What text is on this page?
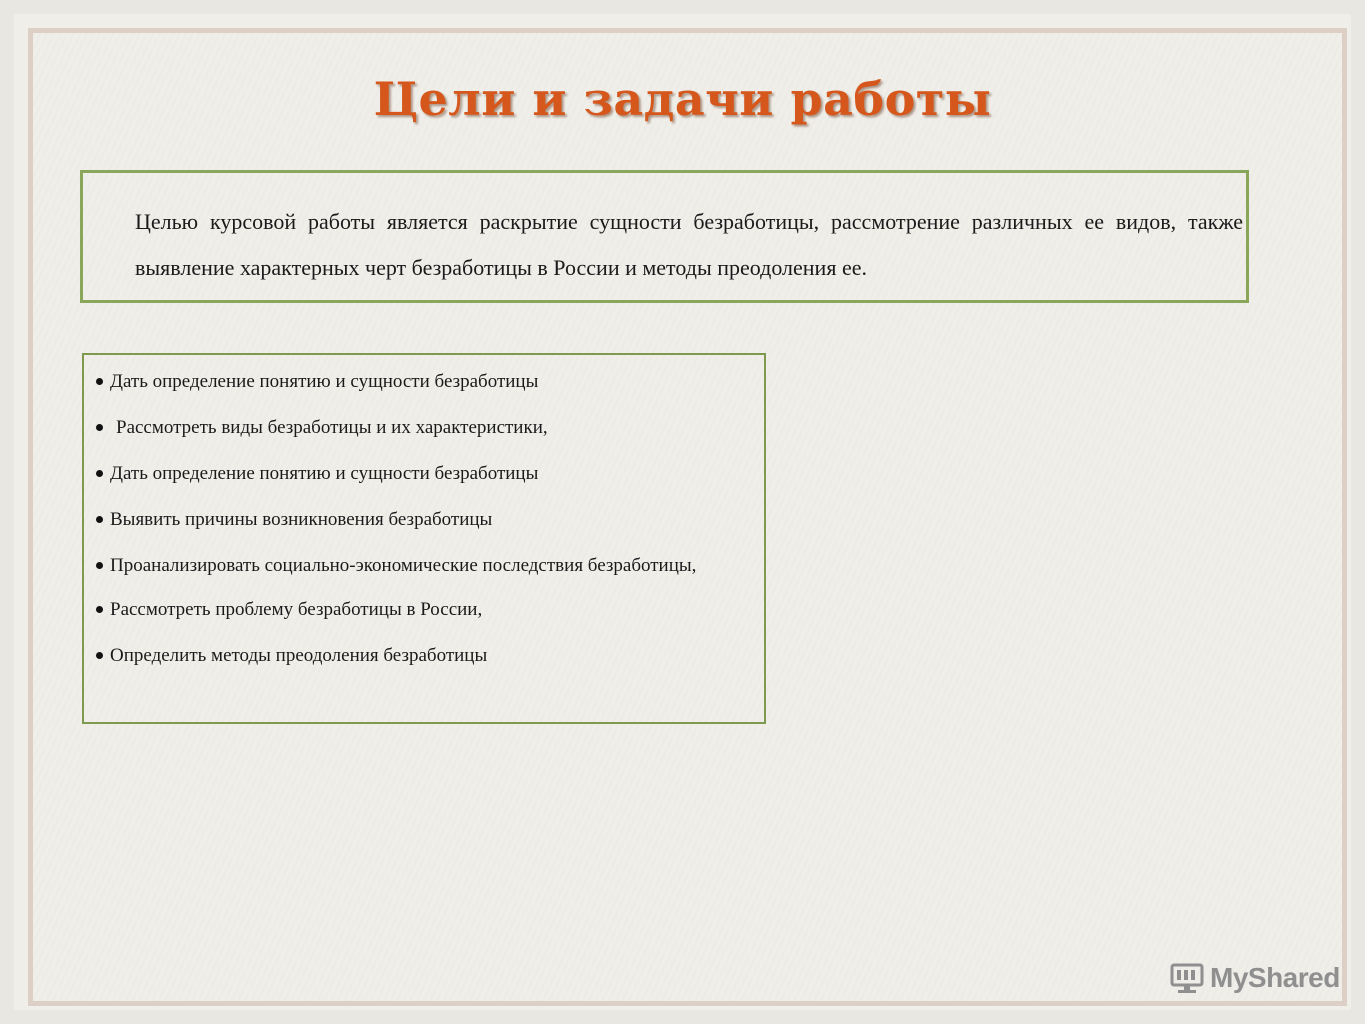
Цели и задачи работы

Целью курсовой работы является раскрытие сущности безработицы, рассмотрение различных ее видов, также выявление характерных черт безработицы в России и методы преодоления ее.

Дать определение понятию и сущности безработицы
Рассмотреть виды безработицы и их характеристики,
Дать определение понятию и сущности безработицы
Выявить причины возникновения безработицы
Проанализировать социально-экономические последствия безработицы,
Рассмотреть проблему безработицы в России,
Определить методы преодоления безработицы
MyShared
